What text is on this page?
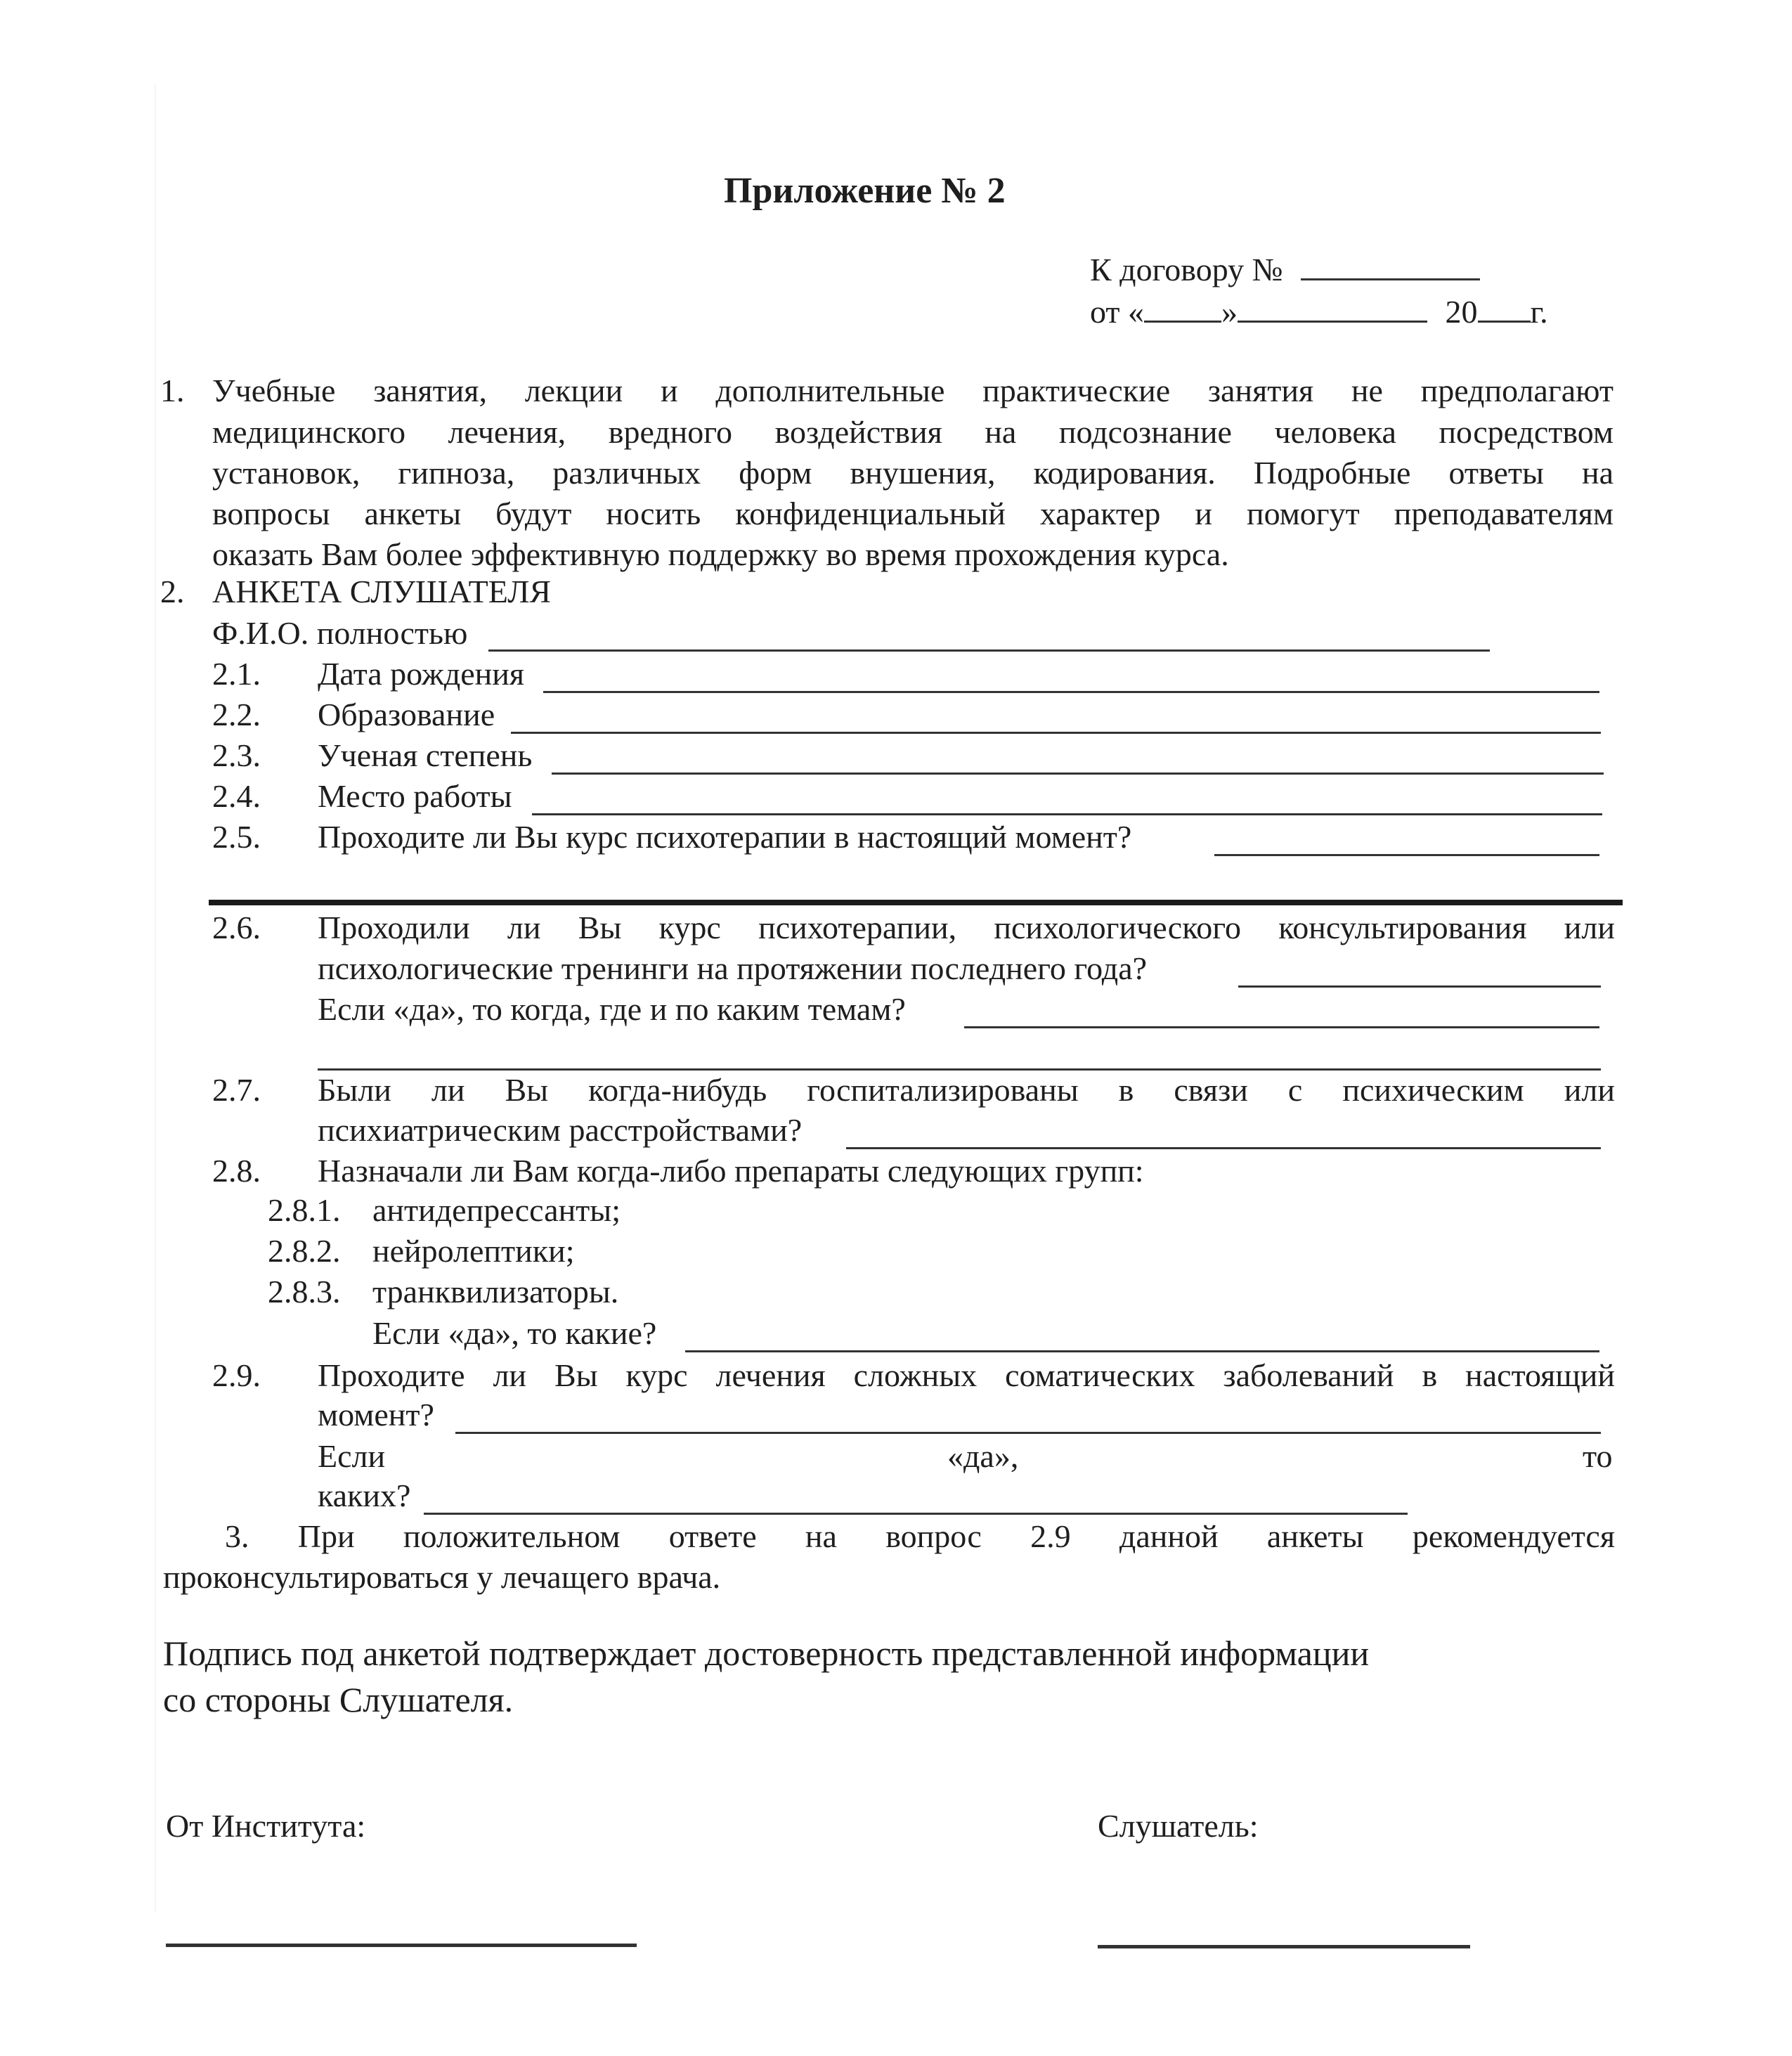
Приложение № 2
К договору №
от « »	20 г.
1. Учебные занятия, лекции и дополнительные практические занятия не предполагают
медицинского лечения, вредного воздействия на подсознание человека посредством
установок, гипноза, различных форм внушения, кодирования. Подробные ответы на
вопросы анкеты будут носить конфиденциальный характер и помогут преподавателям
оказать Вам более эффективную поддержку во время прохождения курса.
2. АНКЕТА СЛУШАТЕЛЯ
Ф.И.О. полностью
2.1. Дата рождения
2.2. Образование
2.3. Ученая степень
2.4. Место работы
2.5. Проходите ли Вы курс психотерапии в настоящий момент?
2.6. Проходили ли Вы курс психотерапии, психологического консультирования или
психологические тренинги на протяжении последнего года?
Если «да», то когда, где и по каким темам?
2.7. Были ли Вы когда-нибудь госпитализированы в связи с психическим или
психиатрическим расстройствами?
2.8. Назначали ли Вам когда-либо препараты следующих групп:
2.8.1. антидепрессанты;
2.8.2. нейролептики;
2.8.3. транквилизаторы.
Если «да», то какие?
2.9. Проходите ли Вы курс лечения сложных соматических заболеваний в настоящий
момент?
Если	«да»,	то
каких?
3. При положительном ответе на вопрос 2.9 данной анкеты рекомендуется
проконсультироваться у лечащего врача.
Подпись под анкетой подтверждает достоверность представленной информации
со стороны Слушателя.
От Института:	Слушатель:
